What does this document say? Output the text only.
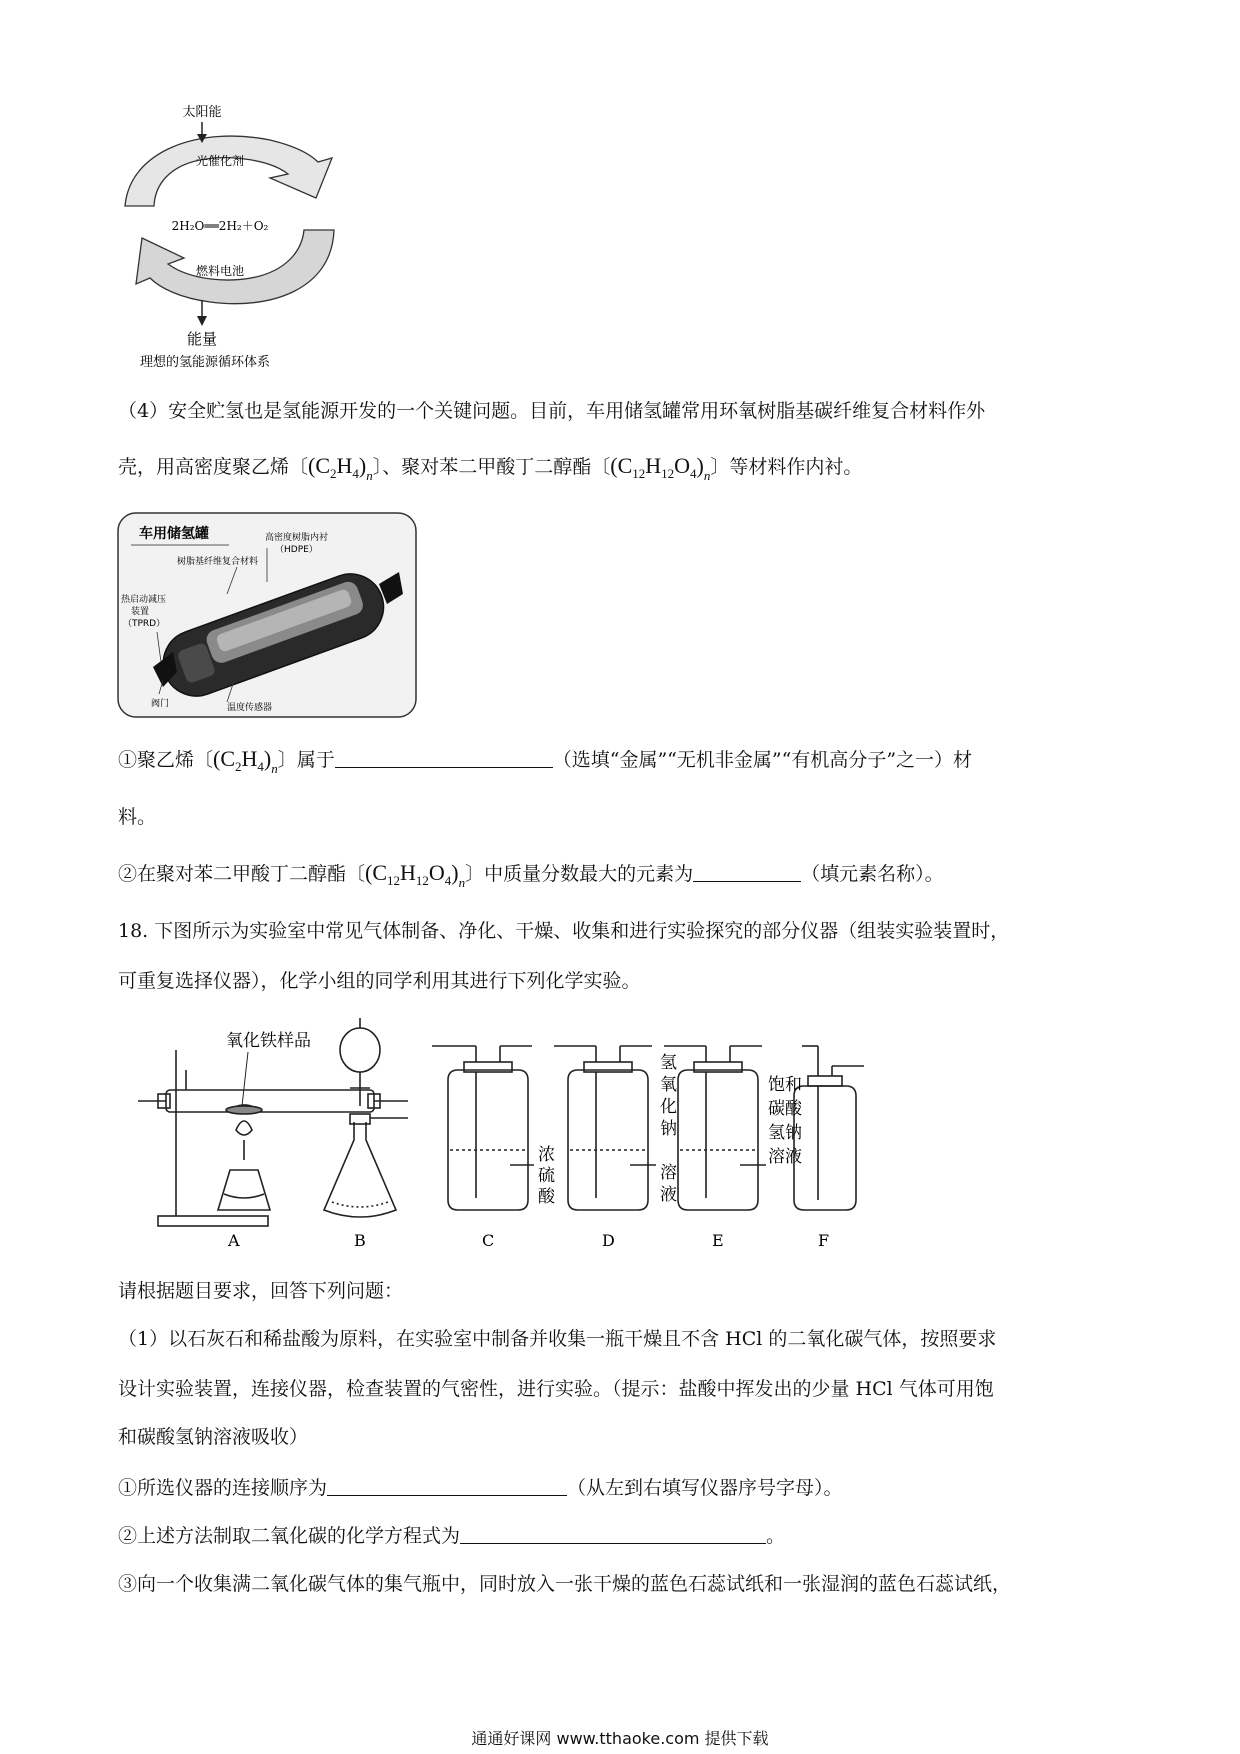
太阳能
光催化剂
2H₂O══2H₂＋O₂
燃料电池
能量
理想的氢能源循环体系
（4）安全贮氢也是氢能源开发的一个关键问题。目前，车用储氢罐常用环氧树脂基碳纤维复合材料作外
壳，用高密度聚乙烯〔$(C_2H_4)_n$〕、聚对苯二甲酸丁二醇酯〔$(C_{12}H_{12}O_4)_n$〕等材料作内衬。
车用储氢罐	高密度树脂内衬
（HDPE）
树脂基纤维复合材料
热启动减压
装置
（TPRD）
阀门	温度传感器
①聚乙烯〔$(C_2H_4)_n$〕属于	（选填“金属”“无机非金属”“有机高分子”之一）材
料。
②在聚对苯二甲酸丁二醇酯〔$(C_{12}H_{12}O_4)_n$〕中质量分数最大的元素为	（填元素名称）。
18. 下图所示为实验室中常见气体制备、净化、干燥、收集和进行实验探究的部分仪器（组装实验装置时，
可重复选择仪器），化学小组的同学利用其进行下列化学实验。
氧化铁样品
浓
硫
酸
氢
氧
化
钠
溶
液
饱和
碳酸
氢钠
溶液
A	B	C	D	E	F
请根据题目要求，回答下列问题：
（1）以石灰石和稀盐酸为原料，在实验室中制备并收集一瓶干燥且不含 HCl 的二氧化碳气体，按照要求
设计实验装置，连接仪器，检查装置的气密性，进行实验。（提示：盐酸中挥发出的少量 HCl 气体可用饱
和碳酸氢钠溶液吸收）
①所选仪器的连接顺序为	（从左到右填写仪器序号字母）。
②上述方法制取二氧化碳的化学方程式为	。
③向一个收集满二氧化碳气体的集气瓶中，同时放入一张干燥的蓝色石蕊试纸和一张湿润的蓝色石蕊试纸，
通通好课网 www.tthaoke.com 提供下载
